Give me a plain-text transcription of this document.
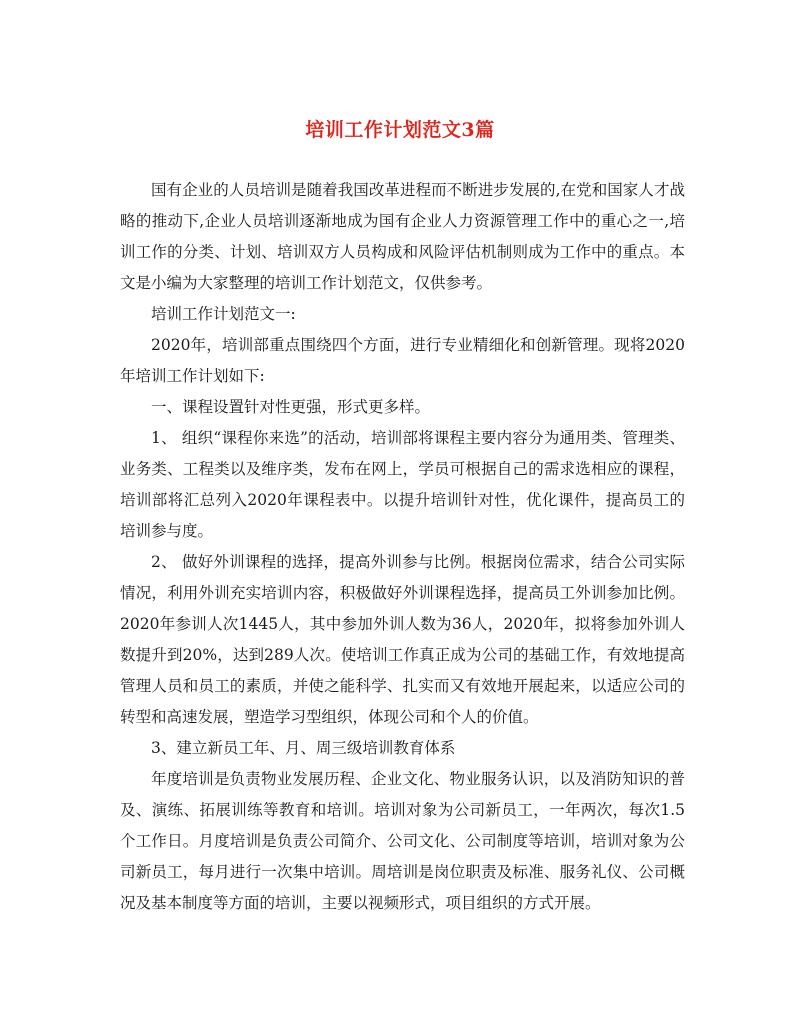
培训工作计划范文3篇

国有企业的人员培训是随着我国改革进程而不断进步发展的,在党和国家人才战略的推动下,企业人员培训逐渐地成为国有企业人力资源管理工作中的重心之一,培训工作的分类、计划、培训双方人员构成和风险评估机制则成为工作中的重点。本文是小编为大家整理的培训工作计划范文，仅供参考。

培训工作计划范文一:

2020年，培训部重点围绕四个方面，进行专业精细化和创新管理。现将2020年培训工作计划如下:

一、课程设置针对性更强，形式更多样。

1、 组织“课程你来选”的活动，培训部将课程主要内容分为通用类、管理类、业务类、工程类以及维序类，发布在网上，学员可根据自己的需求选相应的课程，培训部将汇总列入2020年课程表中。以提升培训针对性，优化课件，提高员工的培训参与度。

2、 做好外训课程的选择，提高外训参与比例。根据岗位需求，结合公司实际情况，利用外训充实培训内容，积极做好外训课程选择，提高员工外训参加比例。2020年参训人次1445人，其中参加外训人数为36人，2020年，拟将参加外训人数提升到20%，达到289人次。使培训工作真正成为公司的基础工作，有效地提高管理人员和员工的素质，并使之能科学、扎实而又有效地开展起来，以适应公司的转型和高速发展，塑造学习型组织，体现公司和个人的价值。

3、建立新员工年、月、周三级培训教育体系

年度培训是负责物业发展历程、企业文化、物业服务认识，以及消防知识的普及、演练、拓展训练等教育和培训。培训对象为公司新员工，一年两次，每次1.5个工作日。月度培训是负责公司简介、公司文化、公司制度等培训，培训对象为公司新员工，每月进行一次集中培训。周培训是岗位职责及标准、服务礼仪、公司概况及基本制度等方面的培训，主要以视频形式，项目组织的方式开展。
